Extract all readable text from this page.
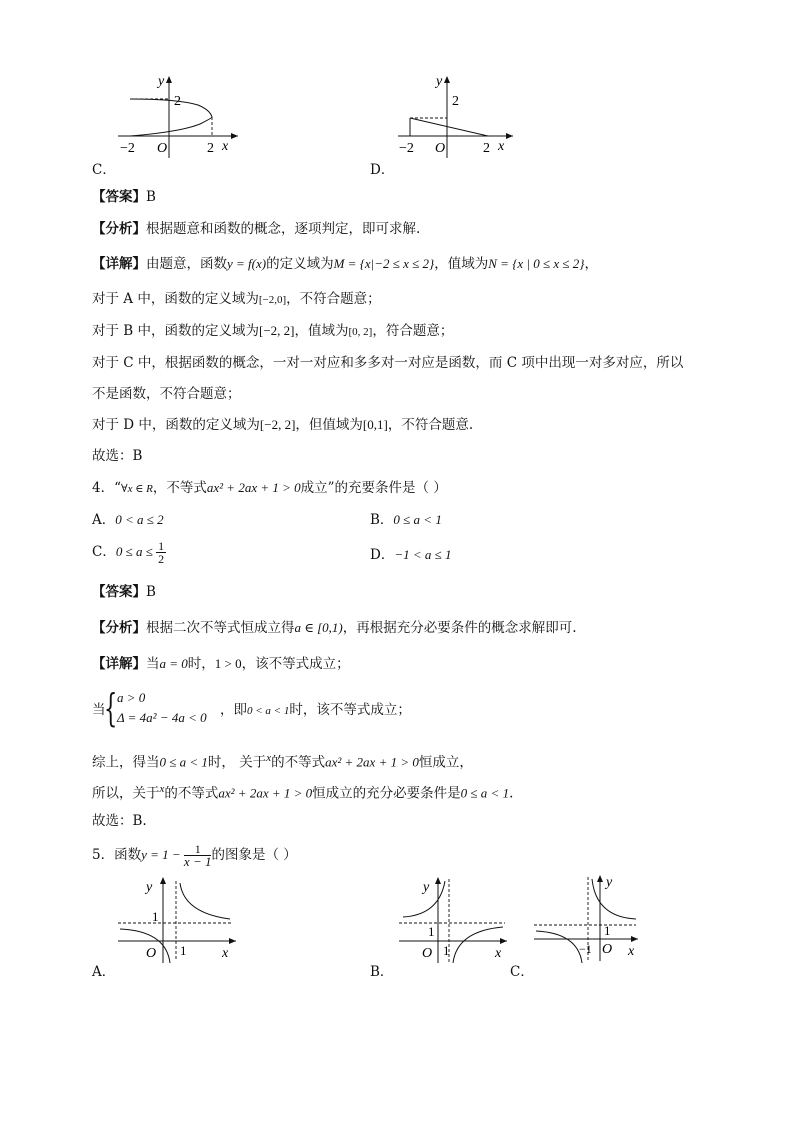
y
x
O
2
−2	2
C．
y
x
O
2
−2	2
D．
【答案】B
【分析】根据题意和函数的概念，逐项判定，即可求解.
【详解】由题意，函数y = f(x)的定义域为M = {x|−2 ≤ x ≤ 2}，值域为N = {x | 0 ≤ x ≤ 2}，
对于 A 中，函数的定义域为[−2,0]，不符合题意；
对于 B 中，函数的定义域为[−2, 2]，值域为[0, 2]，符合题意；
对于 C 中，根据函数的概念，一对一对应和多多对一对应是函数，而 C 项中出现一对多对应，所以
不是函数，不符合题意；
对于 D 中，函数的定义域为[−2, 2]，但值域为[0,1]，不符合题意.
故选：B
4．“∀x ∈ R，不等式ax² + 2ax + 1 > 0成立”的充要条件是（ ）
A．0 < a ≤ 2	B．0 ≤ a < 1
C．$0 \le a \le \frac{1}{2}$	D．−1 < a ≤ 1
【答案】B
【分析】根据二次不等式恒成立得a ∈ [0,1)，再根据充分必要条件的概念求解即可.
【详解】当a = 0时，1 > 0，该不等式成立；
当
{ a > 0
Δ = 4a² − 4a < 0 ，即0 < a < 1时，该不等式成立；
综上，得当0 ≤ a < 1时， 关于$^x$的不等式ax² + 2ax + 1 > 0恒成立，
所以，关于$^x$的不等式ax² + 2ax + 1 > 0恒成立的充分必要条件是0 ≤ a < 1.
故选：B.
5．函数$y = 1 - \frac{1}{x - 1}$ 的图象是（ ）
y
x
O
1
1
A．
y
x
O
1
1
B．
y
x
O
1
−1
C．
